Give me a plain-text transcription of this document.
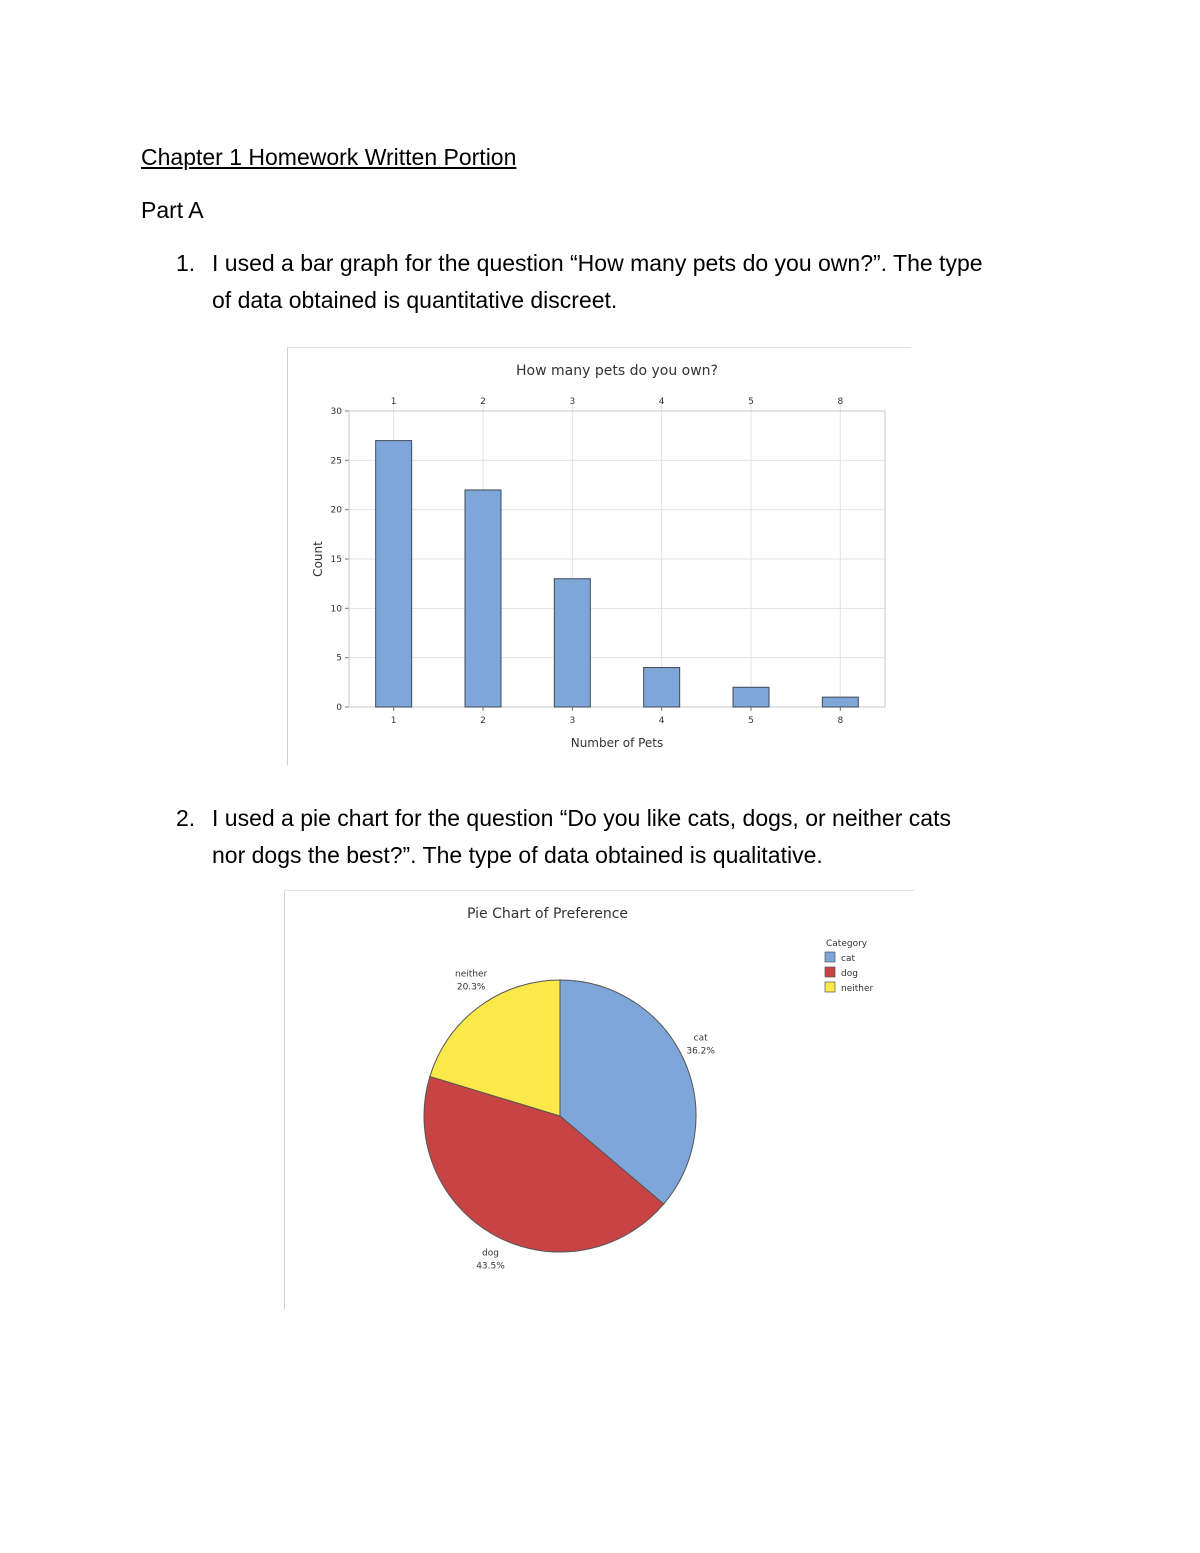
Chapter 1 Homework Written Portion
Part A
1. I used a bar graph for the question “How many pets do you own?”. The type
of data obtained is quantitative discreet.
How many pets do you own?
0
5
10
15
20
25
30
1
1
2
2
3
3
4
4
5
5
8
8
Number of Pets
Count
2. I used a pie chart for the question “Do you like cats, dogs, or neither cats
nor dogs the best?”. The type of data obtained is qualitative.
Pie Chart of Preference
cat
36.2%
dog
43.5%
neither
20.3%
Category
cat
dog
neither
